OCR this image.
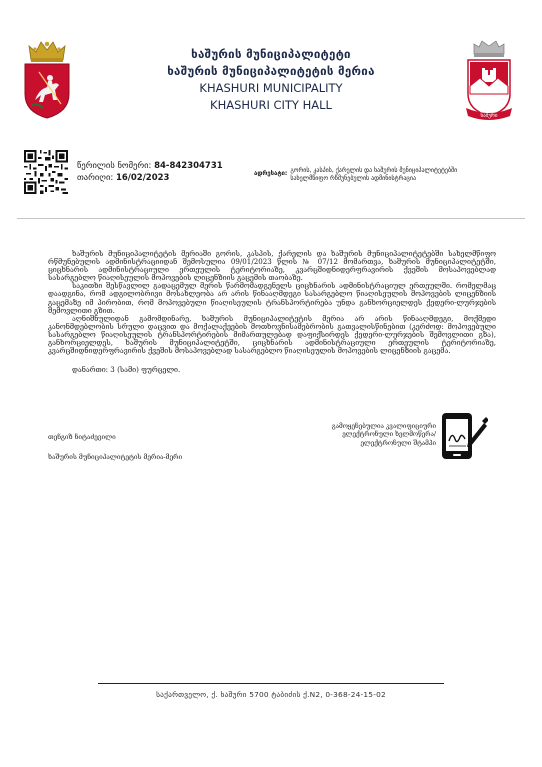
ხაშურის მუნიციპალიტეტი
ხაშურის მუნიციპალიტეტის მერია
KHASHURI MUNICIPALITY
KHASHURI CITY HALL
ხაშური
წერილის ნომერი: 84-842304731
თარიღი: 16/02/2023	ადრესატი: გორის, კასპის, ქარელის და ხაშურის მუნიციპალიტეტებში
სახელმწიფო რწმუნებულის ადმინისტრაცია

ხაშურის მუნიციპალიტეტის მერიაში გორის, კასპის, ქარელის და ხაშურის მუნიციპალიტეტებში სახელმწიფო რწმუნებულის ადმინისტრაციიდან შემოსულია 09/01/2023 წლის № 07/12 მომართვა, ხაშურის მუნიციპალიტეტში, ციცხნარის ადმინისტრაციული ერთეულის ტერიტორიაზე, კვარცშიდნიდერფრავირის ქვეშის მოსაპოვებლად სასარგებლო წიაღისეულის მოპოვების ლიცენზიის გაცემის თაობაზე.

საკითხი შესწავლილ გადაცემულ მერის წარმომადგენელს ციცხნარის ადმინისტრაციულ ერთეულში. რომელმაც დაადგინა, რომ ადგილობრივი მოსახლეობა არ არის წინააღმდეგი სასარგებლო წიაღისეულის მოპოვების ლიცენზიის გაცემაზე იმ პირობით, რომ მოპოვებული წიაღისეულის ტრანსპორტირება უნდა განხორციელდეს ქედერი-ლურჯების შემოვლითი გზით.

აღნიშნულიდან გამომდინარე, ხაშურის მუნიციპალიტეტის მერია არ არის წინააღმდეგი, მოქმედი კანონმდებლობის სრული დაცვით და მოქალაქეების მოთხოვნისამებრობის გათვალისწინებით (კერძოდ: მოპოვებული სასარგებლო წიაღისეულის ტრანსპორტირების მიმართულებად დაფიქსირდეს ქედერი-ლურჯების შემოვლითი გზა), განხორციელდეს, ხაშურის მუნიციპალიტეტში, ციცხნარის ადმინისტრაციული ერთეულის ტერიტორიაზე, კვარცშიდნიდერფრავირის ქვეშის მოსაპოვებლად სასარგებლო წიაღისეულის მოპოვების ლიცენზიის გაცემა.

დანართი: 3 (სამი) ფურცელი.

თენგიზ ნიტაძევილი
ხაშურის მუნიციპალიტეტის მერია-მერი
გამოყენებულია კვალიფიციური
ელექტრონული ხელმოწერა/
ელექტრონული შტამპი
საქართველო, ქ. ხაშური 5700 ტაბიძის ქ.N2, 0-368-24-15-02
